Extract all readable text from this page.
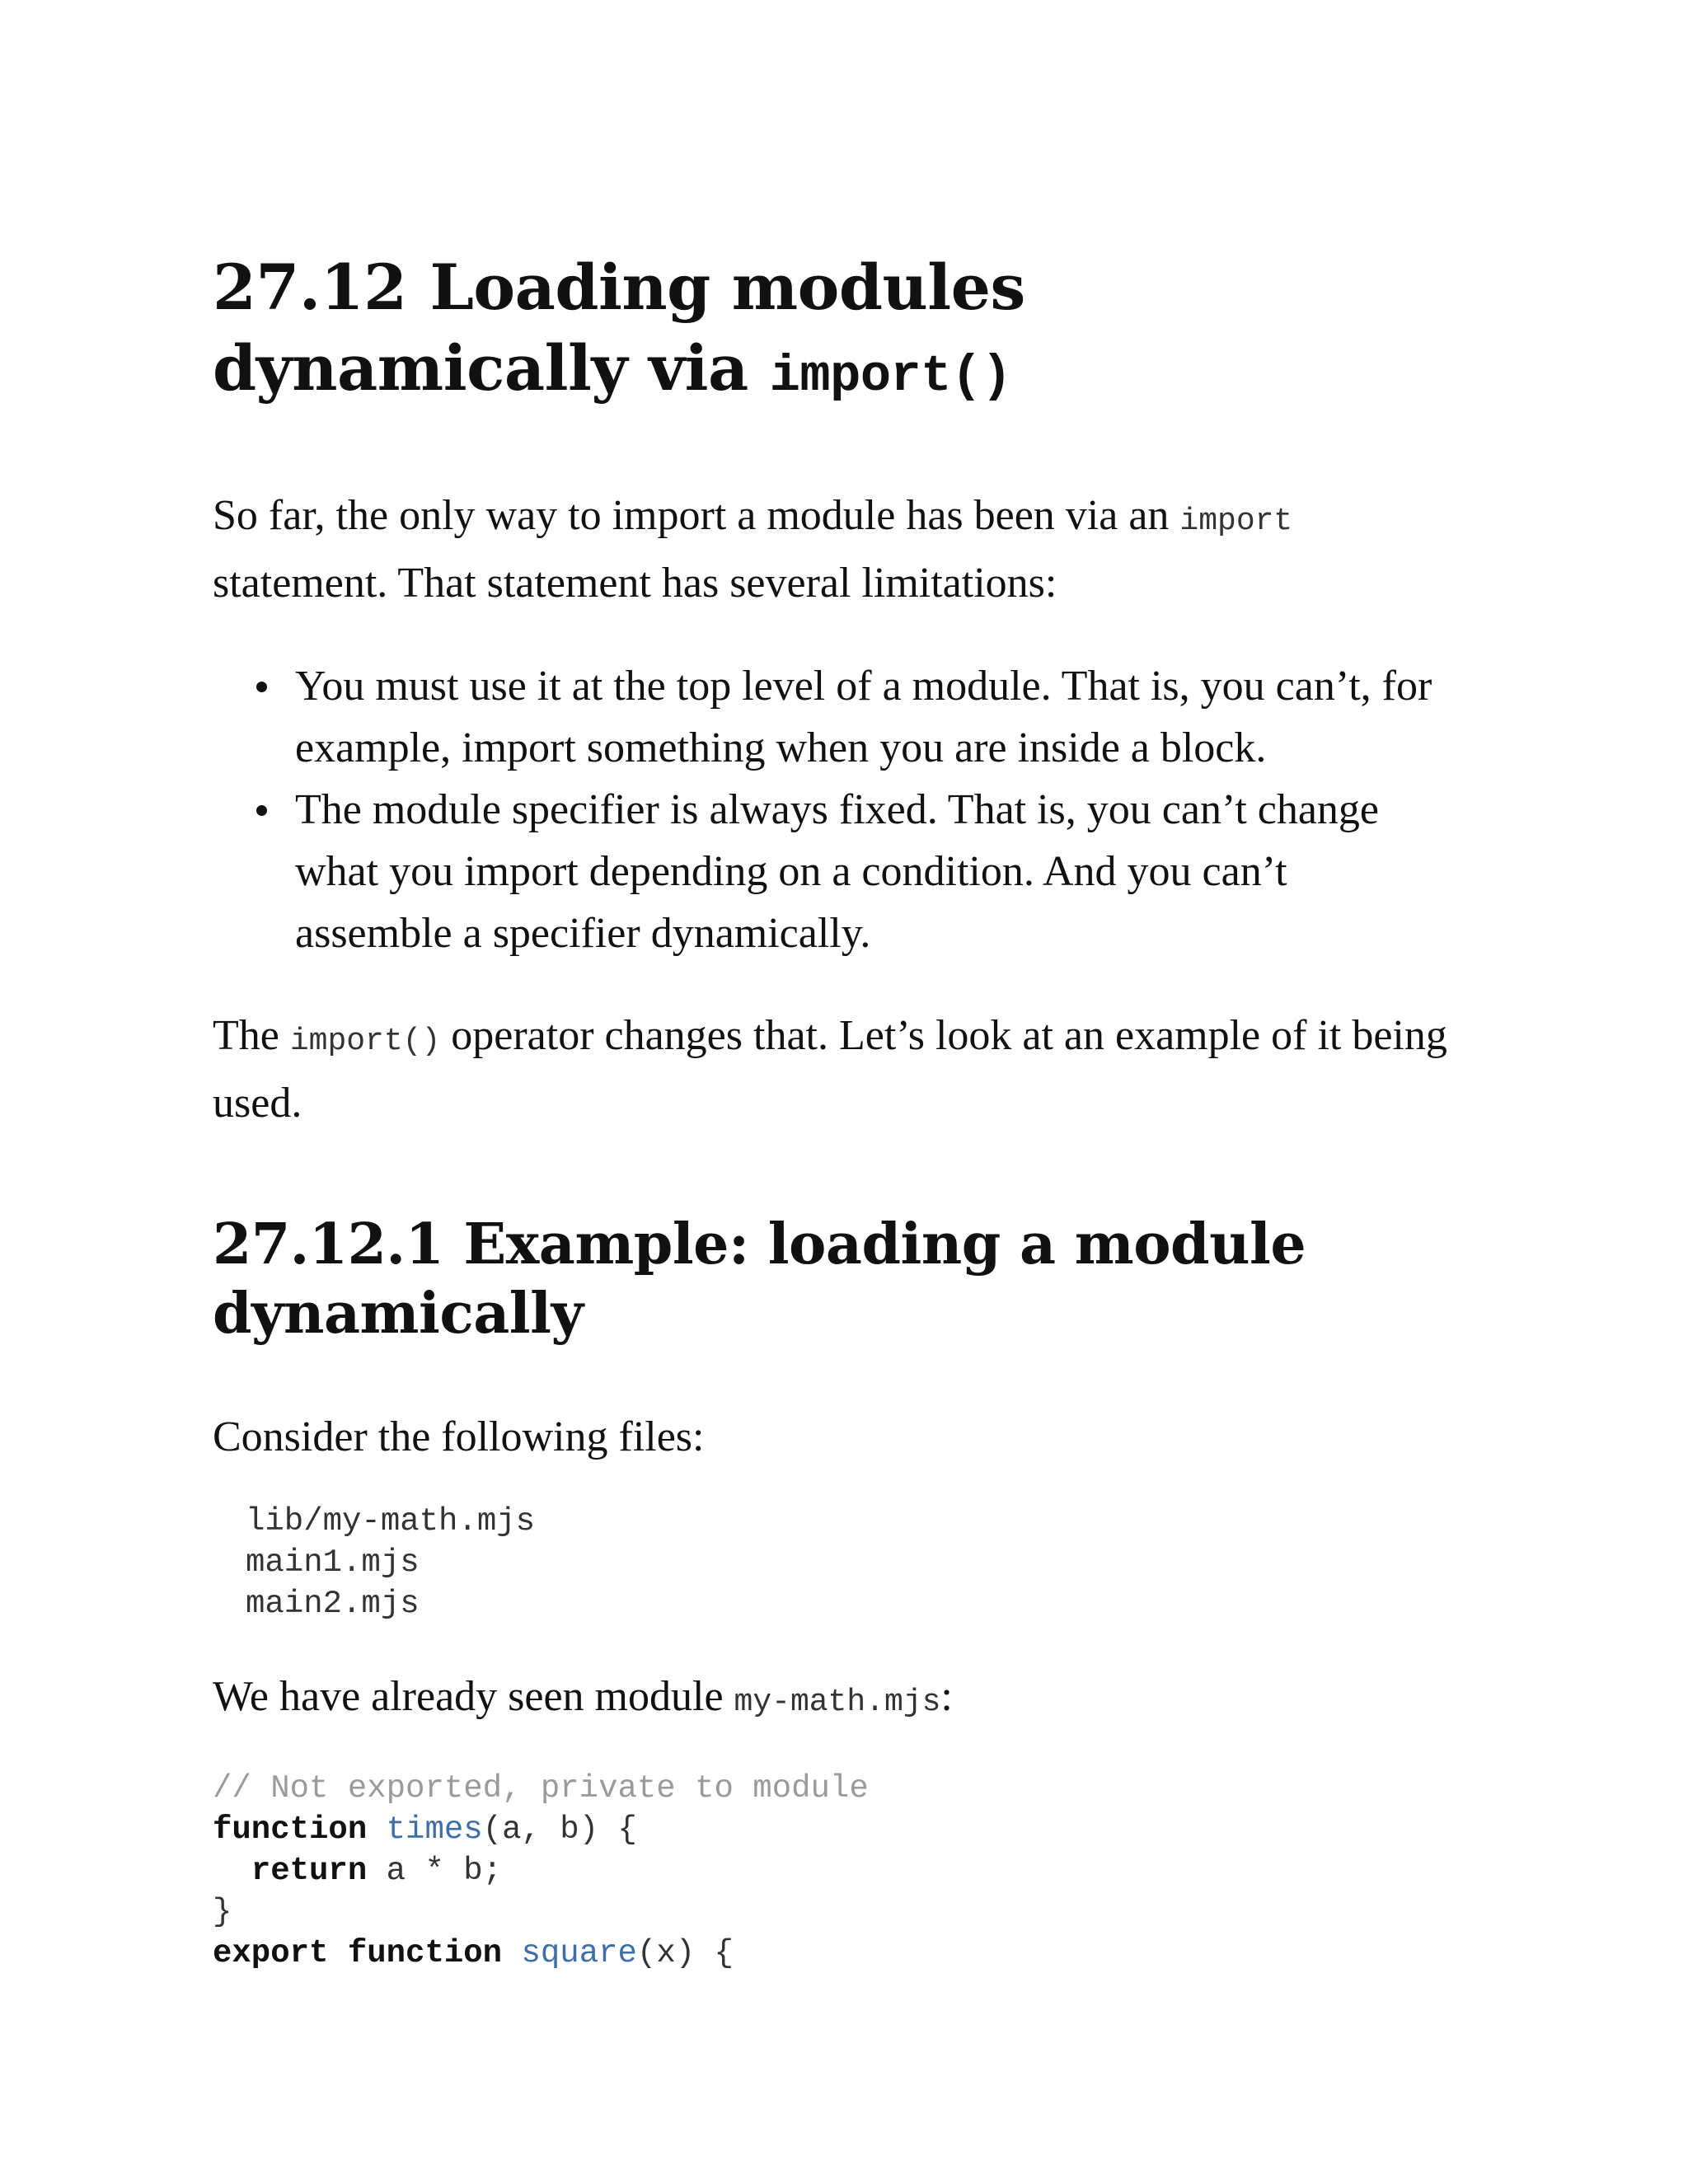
27.12 Loading modules dynamically via import()

So far, the only way to import a module has been via an import statement. That statement has several limitations:

You must use it at the top level of a module. That is, you can’t, for example, import something when you are inside a block.
The module specifier is always fixed. That is, you can’t change what you import depending on a condition. And you can’t assemble a specifier dynamically.

The import() operator changes that. Let’s look at an example of it being used.

27.12.1 Example: loading a module dynamically

Consider the following files:

lib/my-math.mjs
main1.mjs
main2.mjs

We have already seen module my-math.mjs:

// Not exported, private to module
function times(a, b) {
return a * b;
}
export function square(x) {
